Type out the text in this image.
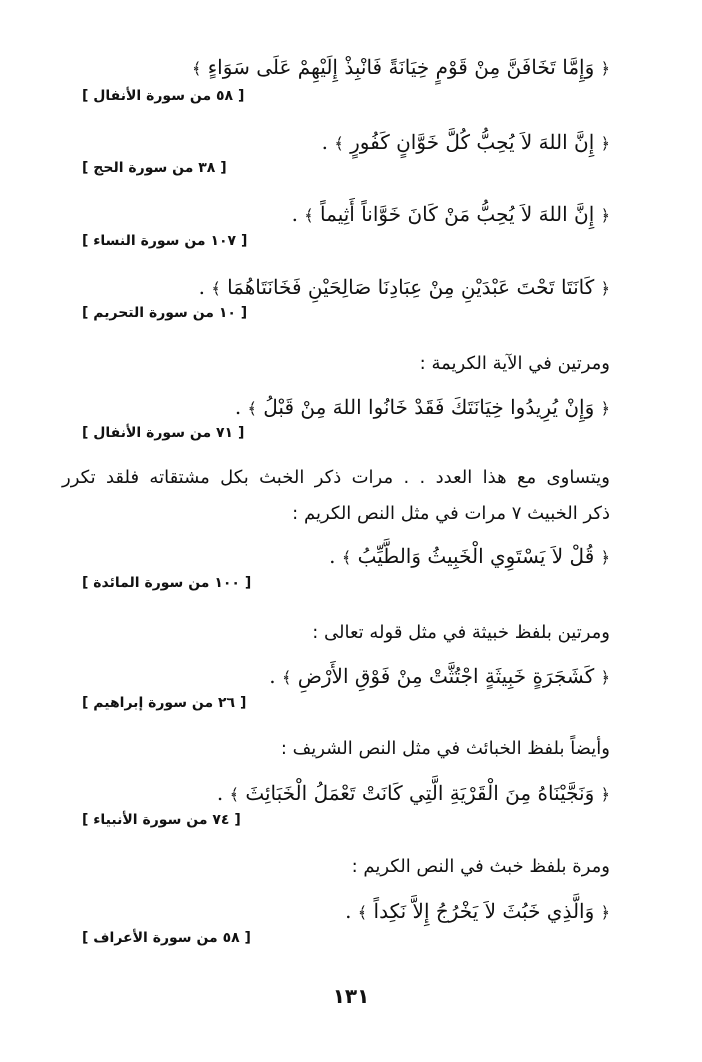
﴿ وَإِمَّا تَخَافَنَّ مِنْ قَوْمٍ خِيَانَةً فَانْبِذْ إِلَيْهِمْ عَلَى سَوَاءٍ ﴾
[ ٥٨ من سورة الأنفال ]
﴿ إِنَّ اللهَ لاَ يُحِبُّ كُلَّ خَوَّانٍ كَفُورٍ ﴾ .
[ ٣٨ من سورة الحج ]
﴿ إِنَّ اللهَ لاَ يُحِبُّ مَنْ كَانَ خَوَّاناً أَثِيماً ﴾ .
[ ١٠٧ من سورة النساء ]
﴿ كَانَتَا تَحْتَ عَبْدَيْنِ مِنْ عِبَادِنَا صَالِحَيْنِ فَخَانَتَاهُمَا ﴾ .
[ ١٠ من سورة التحريم ]
ومرتين في الآية الكريمة :
﴿ وَإِنْ يُرِيدُوا خِيَانَتَكَ فَقَدْ خَانُوا اللهَ مِنْ قَبْلُ ﴾ .
[ ٧١ من سورة الأنفال ]
ويتساوى مع هذا العدد . . مرات ذكر الخبث بكل مشتقاته فلقد تكرر
ذكر الخبيث ٧ مرات في مثل النص الكريم :
﴿ قُلْ لاَ يَسْتَوِي الْخَبِيثُ وَالطَّيِّبُ ﴾ .
[ ١٠٠ من سورة المائدة ]
ومرتين بلفظ خبيثة في مثل قوله تعالى :
﴿ كَشَجَرَةٍ خَبِيثَةٍ اجْتُثَّتْ مِنْ فَوْقِ الأَرْضِ ﴾ .
[ ٢٦ من سورة إبراهيم ]
وأيضاً بلفظ الخبائث في مثل النص الشريف :
﴿ وَنَجَّيْنَاهُ مِنَ الْقَرْيَةِ الَّتِي كَانَتْ تَعْمَلُ الْخَبَائِثَ ﴾ .
[ ٧٤ من سورة الأنبياء ]
ومرة بلفظ خبث في النص الكريم :
﴿ وَالَّذِي خَبُثَ لاَ يَخْرُجُ إِلاَّ نَكِداً ﴾ .
[ ٥٨ من سورة الأعراف ]
١٣١
